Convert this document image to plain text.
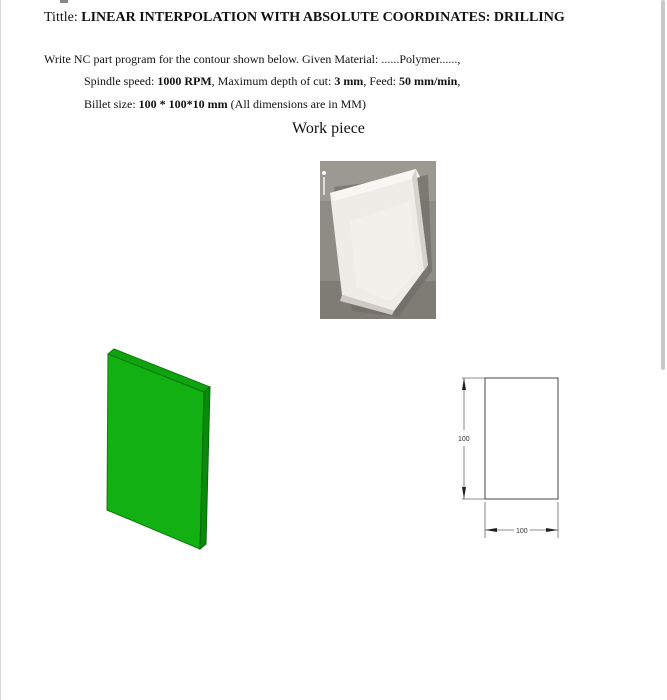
Tittle: LINEAR INTERPOLATION WITH ABSOLUTE COORDINATES: DRILLING
Write NC part program for the contour shown below. Given Material: ......Polymer......,
Spindle speed: 1000 RPM, Maximum depth of cut: 3 mm, Feed: 50 mm/min,
Billet size: 100 * 100*10 mm (All dimensions are in MM)
Work piece
100
100
